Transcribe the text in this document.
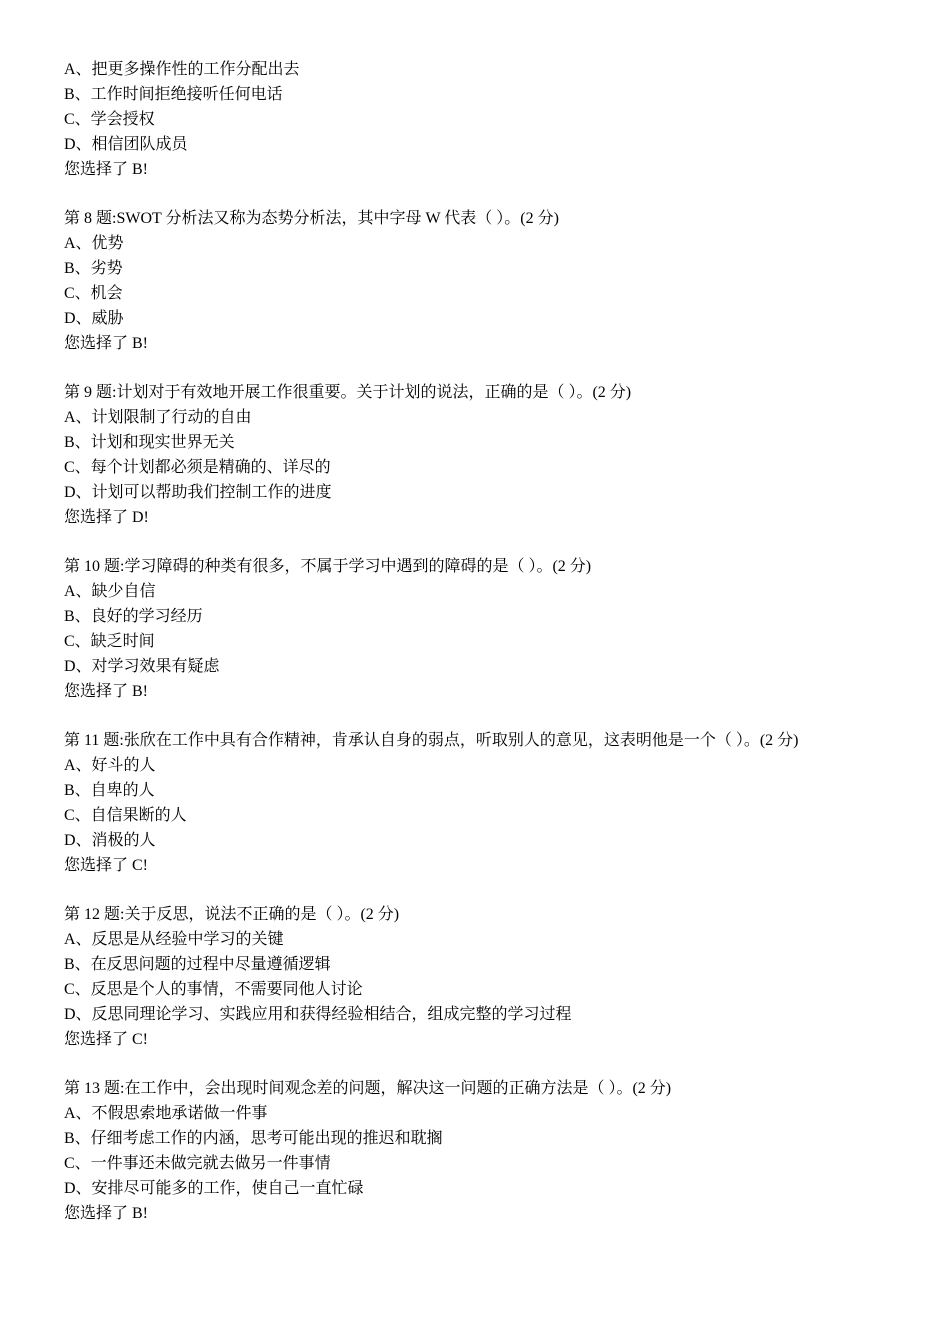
A、把更多操作性的工作分配出去
B、工作时间拒绝接听任何电话
C、学会授权
D、相信团队成员
您选择了 B!
第 8 题:SWOT 分析法又称为态势分析法，其中字母 W 代表（ ）。(2 分)
A、优势
B、劣势
C、机会
D、威胁
您选择了 B!
第 9 题:计划对于有效地开展工作很重要。关于计划的说法，正确的是（ ）。(2 分)
A、计划限制了行动的自由
B、计划和现实世界无关
C、每个计划都必须是精确的、详尽的
D、计划可以帮助我们控制工作的进度
您选择了 D!
第 10 题:学习障碍的种类有很多，不属于学习中遇到的障碍的是（ ）。(2 分)
A、缺少自信
B、良好的学习经历
C、缺乏时间
D、对学习效果有疑虑
您选择了 B!
第 11 题:张欣在工作中具有合作精神，肯承认自身的弱点，听取别人的意见，这表明他是一个（ ）。(2 分)
A、好斗的人
B、自卑的人
C、自信果断的人
D、消极的人
您选择了 C!
第 12 题:关于反思，说法不正确的是（ ）。(2 分)
A、反思是从经验中学习的关键
B、在反思问题的过程中尽量遵循逻辑
C、反思是个人的事情，不需要同他人讨论
D、反思同理论学习、实践应用和获得经验相结合，组成完整的学习过程
您选择了 C!
第 13 题:在工作中，会出现时间观念差的问题，解决这一问题的正确方法是（ ）。(2 分)
A、不假思索地承诺做一件事
B、仔细考虑工作的内涵，思考可能出现的推迟和耽搁
C、一件事还未做完就去做另一件事情
D、安排尽可能多的工作，使自己一直忙碌
您选择了 B!
